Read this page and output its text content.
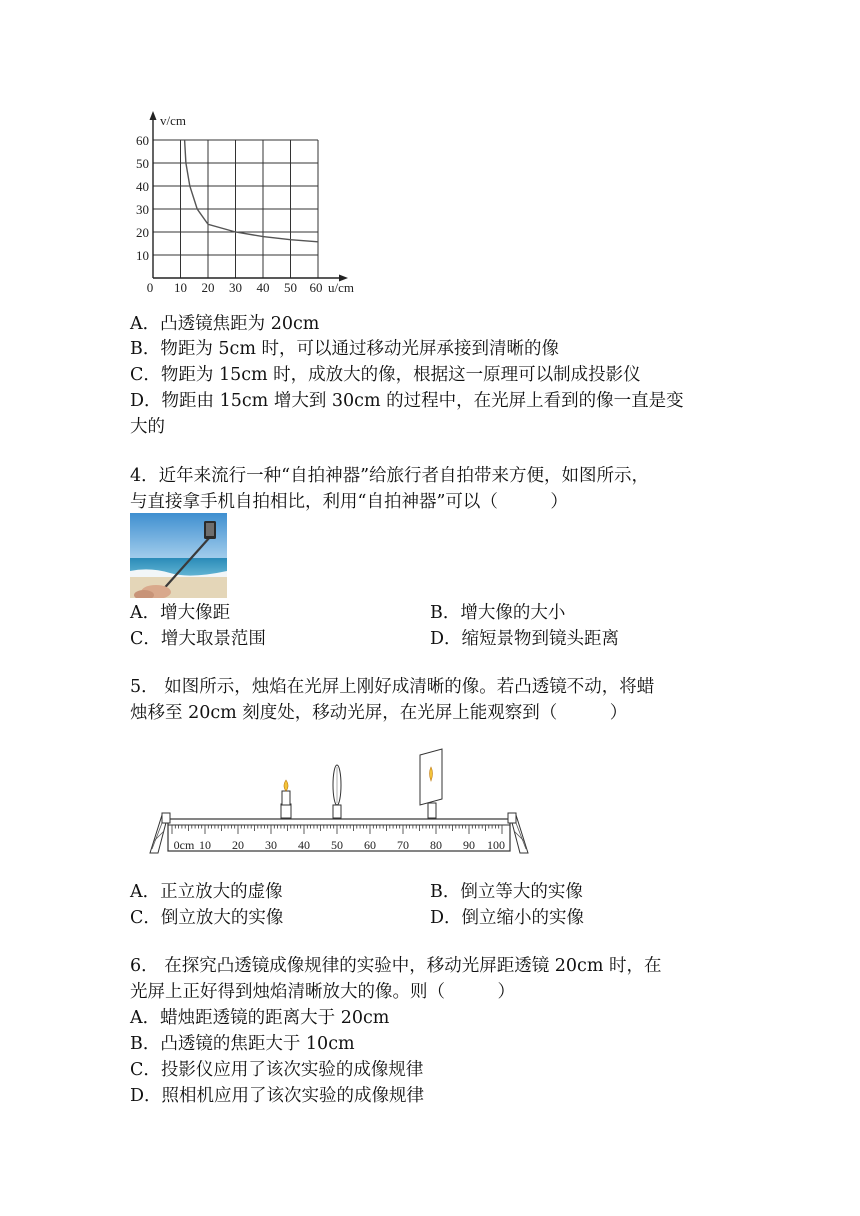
v/cm
u/cm
60
50
40
30
20
10
0 10 20 30 40 50 60
A．凸透镜焦距为 20cm
B．物距为 5cm 时，可以通过移动光屏承接到清晰的像
C．物距为 15cm 时，成放大的像，根据这一原理可以制成投影仪
D．物距由 15cm 增大到 30cm 的过程中，在光屏上看到的像一直是变
大的
4．近年来流行一种“自拍神器”给旅行者自拍带来方便，如图所示，
与直接拿手机自拍相比，利用“自拍神器”可以（　　　）
A．增大像距	B．增大像的大小
C．增大取景范围	D．缩短景物到镜头距离
5． 如图所示，烛焰在光屏上刚好成清晰的像。若凸透镜不动，将蜡
烛移至 20cm 刻度处，移动光屏，在光屏上能观察到（　　　）
0cm 10 20 30 40 50 60 70 80 90 100
A．正立放大的虚像	B．倒立等大的实像
C．倒立放大的实像	D．倒立缩小的实像
6． 在探究凸透镜成像规律的实验中，移动光屏距透镜 20cm 时，在
光屏上正好得到烛焰清晰放大的像。则（　　　）
A．蜡烛距透镜的距离大于 20cm
B．凸透镜的焦距大于 10cm
C．投影仪应用了该次实验的成像规律
D．照相机应用了该次实验的成像规律
